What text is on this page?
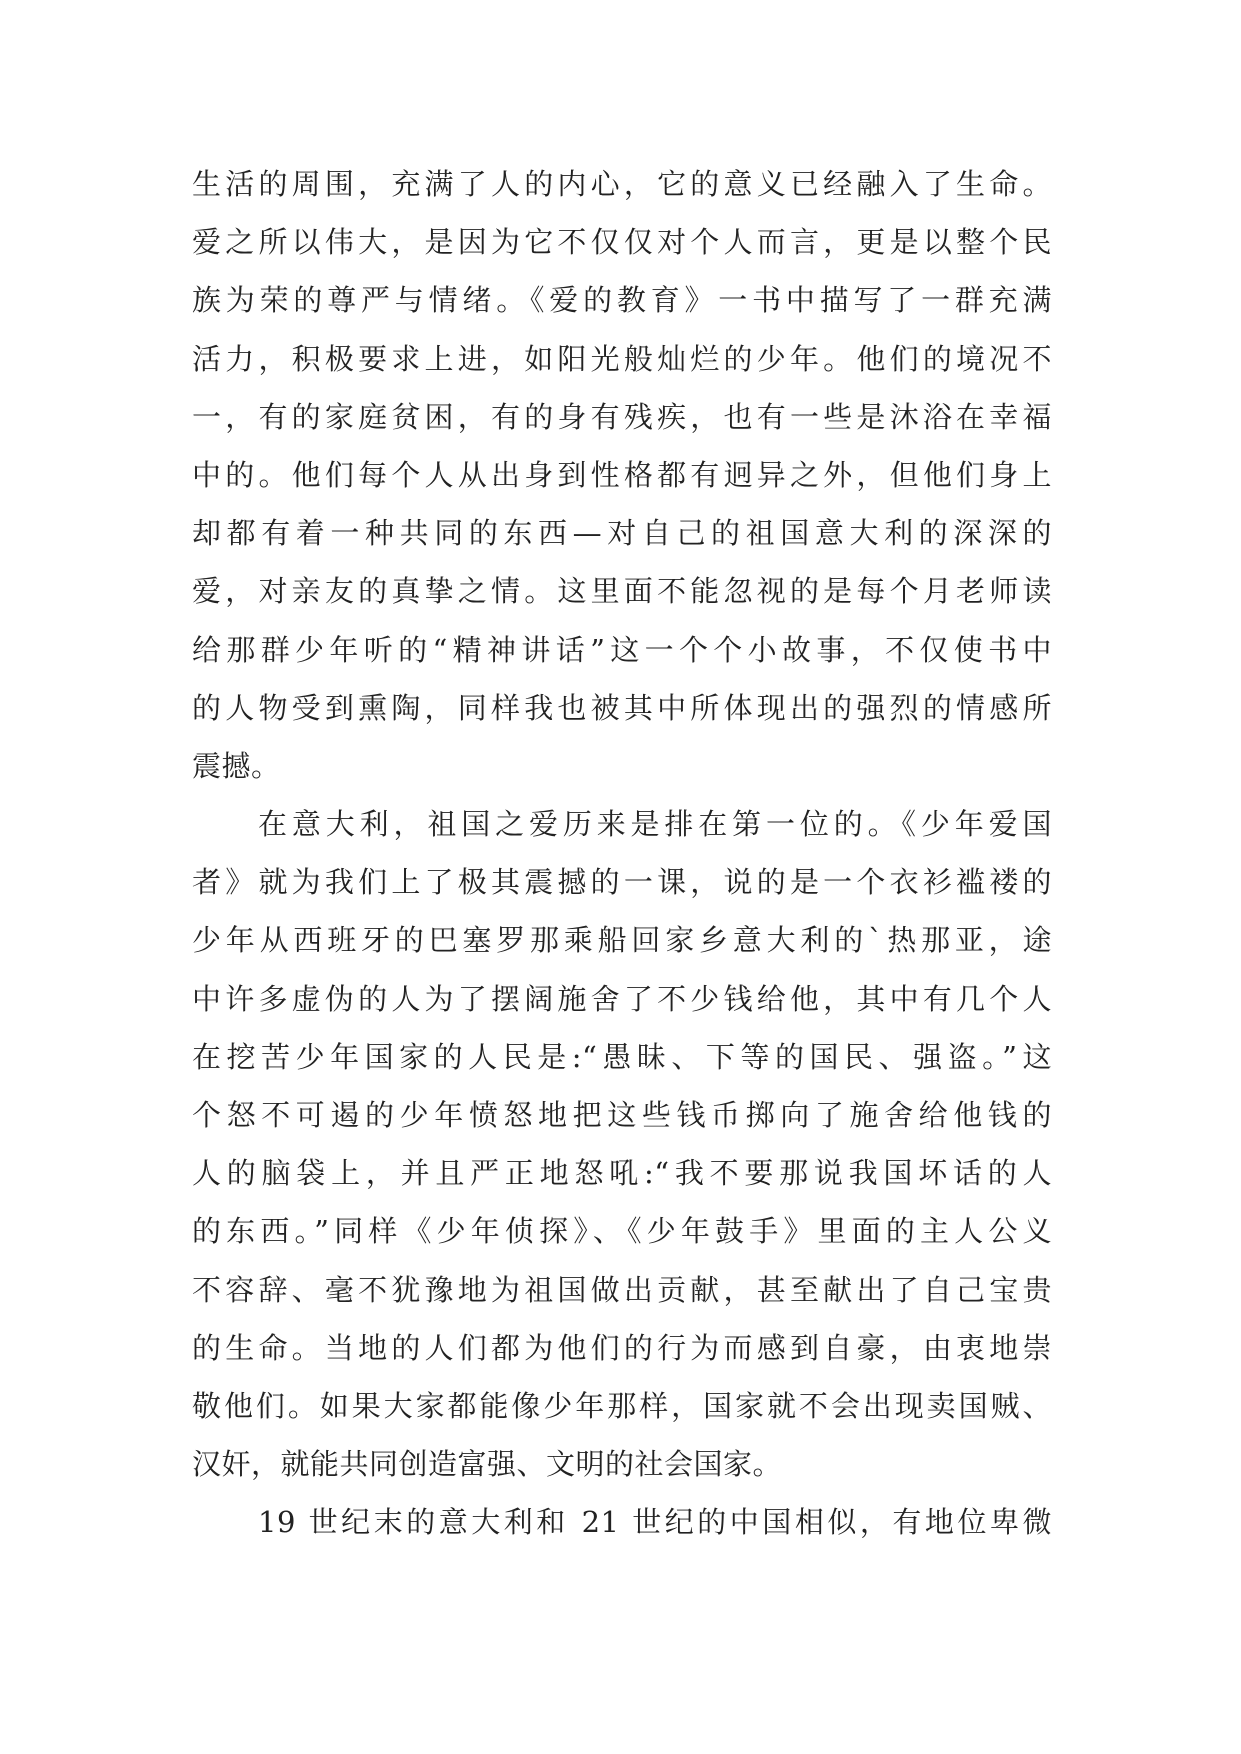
生活的周围，充满了人的内心，它的意义已经融入了生命。
爱之所以伟大，是因为它不仅仅对个人而言，更是以整个民
族为荣的尊严与情绪。《爱的教育》一书中描写了一群充满
活力，积极要求上进，如阳光般灿烂的少年。他们的境况不
一，有的家庭贫困，有的身有残疾，也有一些是沐浴在幸福
中的。他们每个人从出身到性格都有迥异之外，但他们身上
却都有着一种共同的东西—对自己的祖国意大利的深深的
爱，对亲友的真挚之情。这里面不能忽视的是每个月老师读
给那群少年听的“精神讲话”这一个个小故事，不仅使书中
的人物受到熏陶，同样我也被其中所体现出的强烈的情感所
震撼。
在意大利，祖国之爱历来是排在第一位的。《少年爱国
者》就为我们上了极其震撼的一课，说的是一个衣衫褴褛的
少年从西班牙的巴塞罗那乘船回家乡意大利的`热那亚，途
中许多虚伪的人为了摆阔施舍了不少钱给他，其中有几个人
在挖苦少年国家的人民是:“愚昧、下等的国民、强盗。”这
个怒不可遏的少年愤怒地把这些钱币掷向了施舍给他钱的
人的脑袋上，并且严正地怒吼:“我不要那说我国坏话的人
的东西。”同样《少年侦探》、《少年鼓手》里面的主人公义
不容辞、毫不犹豫地为祖国做出贡献，甚至献出了自己宝贵
的生命。当地的人们都为他们的行为而感到自豪，由衷地崇
敬他们。如果大家都能像少年那样，国家就不会出现卖国贼、
汉奸，就能共同创造富强、文明的社会国家。
19 世纪末的意大利和 21 世纪的中国相似，有地位卑微
